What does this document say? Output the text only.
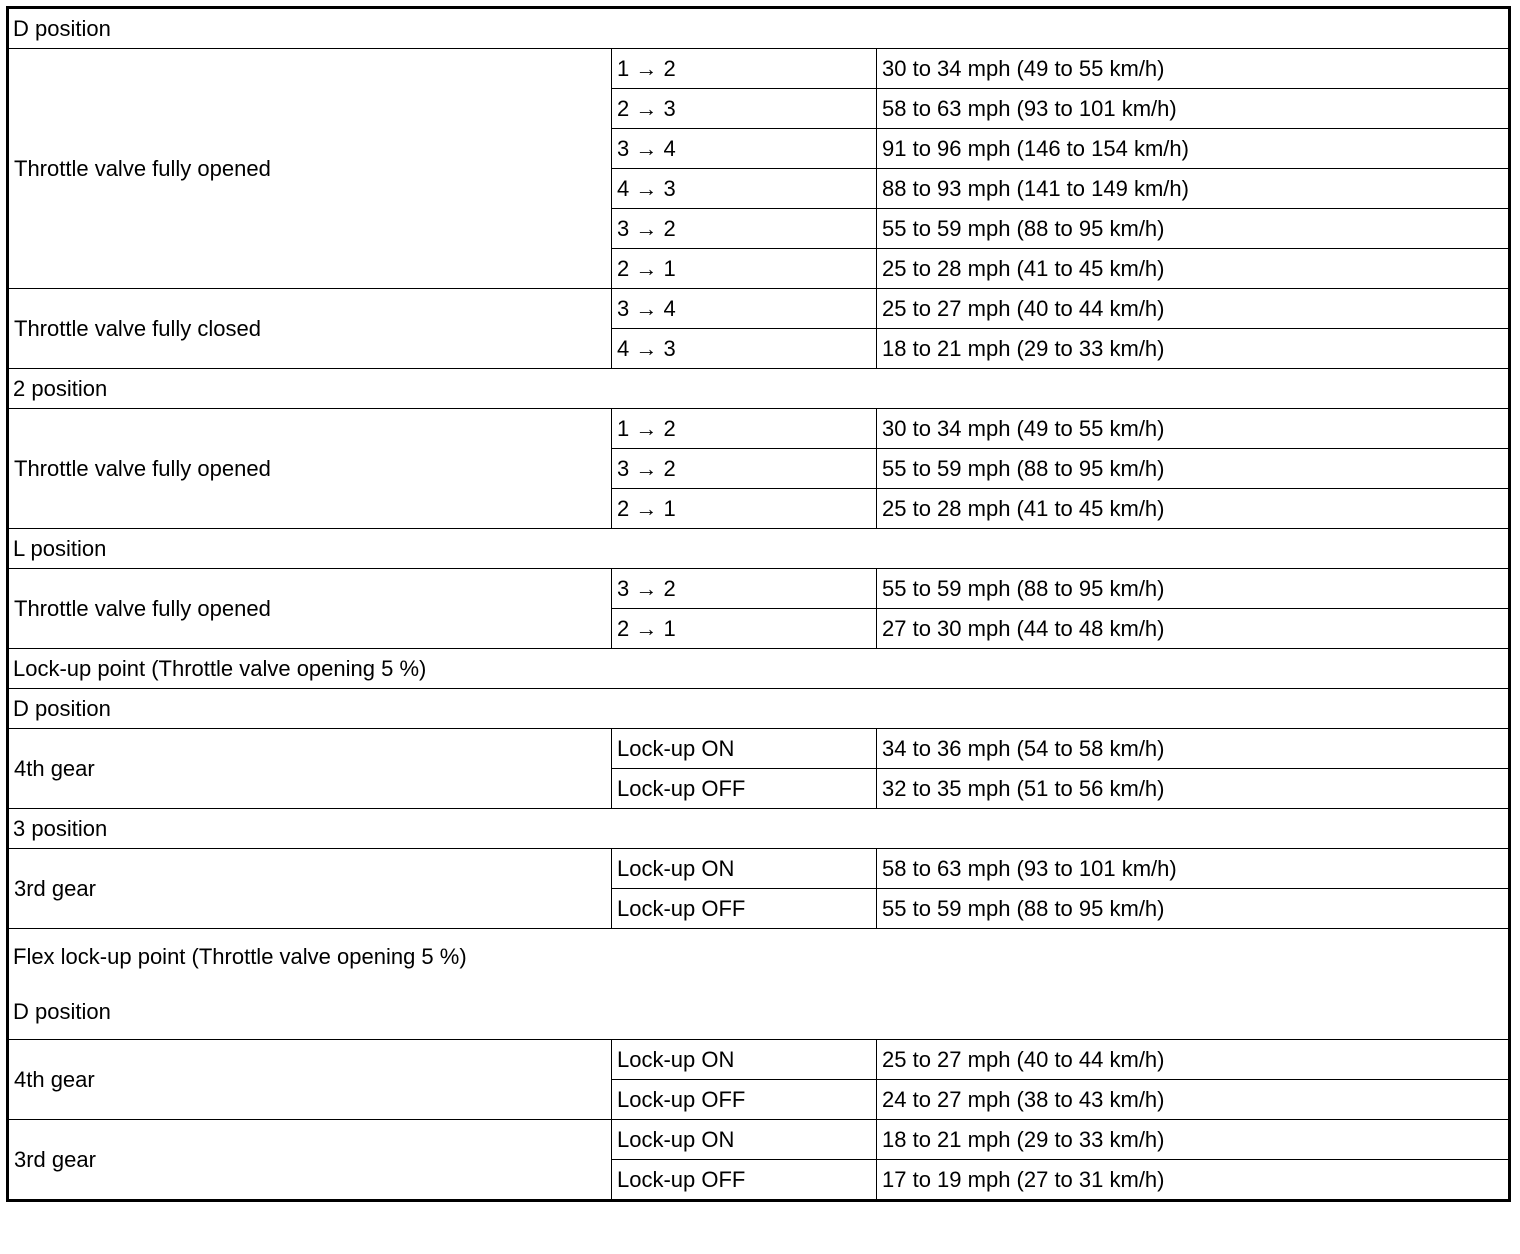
D position		
Throttle valve fully opened	1 → 2	30 to 34 mph (49 to 55 km/h)
	2 → 3	58 to 63 mph (93 to 101 km/h)
	3 → 4	91 to 96 mph (146 to 154 km/h)
	4 → 3	88 to 93 mph (141 to 149 km/h)
	3 → 2	55 to 59 mph (88 to 95 km/h)
	2 → 1	25 to 28 mph (41 to 45 km/h)
Throttle valve fully closed	3 → 4	25 to 27 mph (40 to 44 km/h)
	4 → 3	18 to 21 mph (29 to 33 km/h)
2 position		
Throttle valve fully opened	1 → 2	30 to 34 mph (49 to 55 km/h)
	3 → 2	55 to 59 mph (88 to 95 km/h)
	2 → 1	25 to 28 mph (41 to 45 km/h)
L position		
Throttle valve fully opened	3 → 2	55 to 59 mph (88 to 95 km/h)
	2 → 1	27 to 30 mph (44 to 48 km/h)
Lock-up point (Throttle valve opening 5 %)		
D position		
4th gear	Lock-up ON	34 to 36 mph (54 to 58 km/h)
	Lock-up OFF	32 to 35 mph (51 to 56 km/h)
3 position		
3rd gear	Lock-up ON	58 to 63 mph (93 to 101 km/h)
	Lock-up OFF	55 to 59 mph (88 to 95 km/h)

Flex lock-up point (Throttle valve opening 5 %)
D position		

4th gear	Lock-up ON	25 to 27 mph (40 to 44 km/h)
	Lock-up OFF	24 to 27 mph (38 to 43 km/h)
3rd gear	Lock-up ON	18 to 21 mph (29 to 33 km/h)
	Lock-up OFF	17 to 19 mph (27 to 31 km/h)
